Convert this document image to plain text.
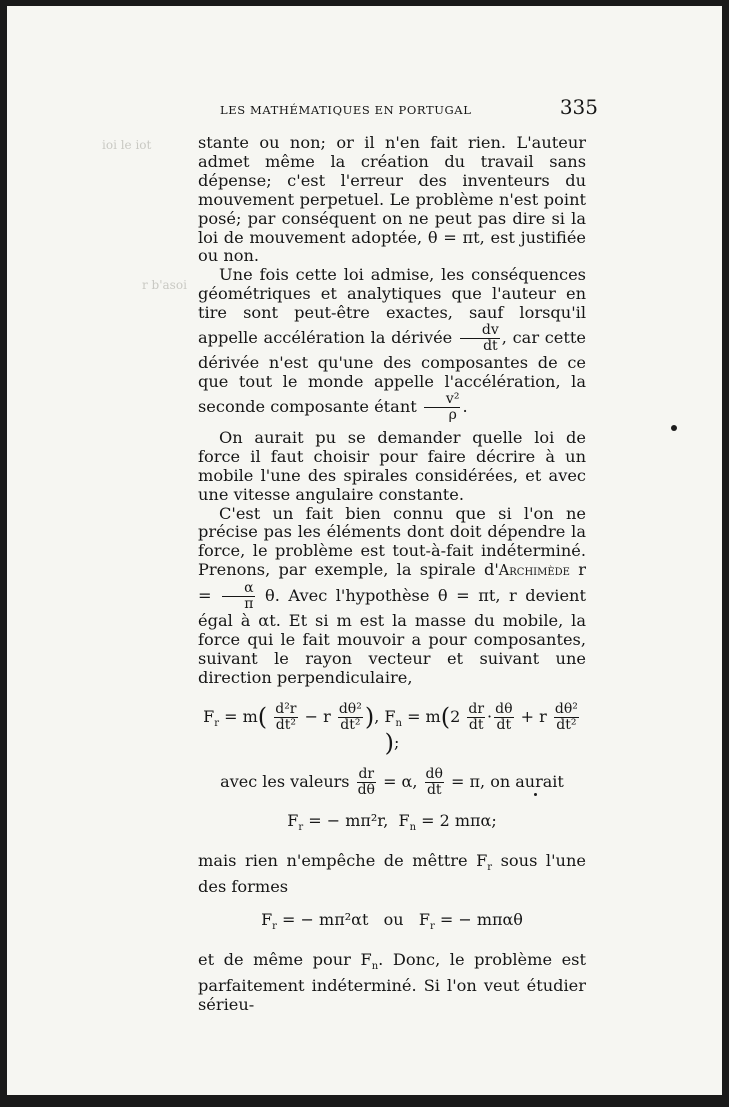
ioi le iot
r b'asoi
LES MATHÉMATIQUES EN PORTUGAL	335

stante ou non; or il n'en fait rien. L'auteur admet même la création du travail sans dépense; c'est l'erreur des inventeurs du mouvement perpetuel. Le problème n'est point posé; par conséquent on ne peut pas dire si la loi de mouvement adoptée, θ = πt, est justifiée ou non.

Une fois cette loi admise, les conséquences géométriques et analytiques que l'auteur en tire sont peut-être exactes, sauf lorsqu'il appelle accélération la dérivée $\frac{dv}{dt}$ , car cette dérivée n'est qu'une des composantes de ce que tout le monde appelle l'accélération, la seconde composante étant $\frac{\text{v²}}{\rho}$ .

On aurait pu se demander quelle loi de force il faut choisir pour faire décrire à un mobile l'une des spirales considérées, et avec une vitesse angulaire constante.

C'est un fait bien connu que si l'on ne précise pas les éléments dont doit dépendre la force, le problème est tout-à-fait indéterminé. Prenons, par exemple, la spirale d'Archimède $r = \frac{\alpha}{\pi} \theta$. Avec l'hypothèse θ = πt, r devient égal à αt. Et si m est la masse du mobile, la force qui le fait mouvoir a pour composantes, suivant le rayon vecteur et suivant une direction perpendiculaire,

$F_r = m( \frac{\text{d²r}}{\text{dt²}} - r \frac{\text{dθ²}}{\text{dt²}}$ ), $F_n = m(2 \frac{dr}{dt} \cdot \frac{d\theta}{dt} + r \frac{\text{dθ²}}{\text{dt²}}$
);
avec les valeurs $\frac{dr}{d\theta} = \alpha$, $\frac{d\theta}{dt} = \pi$, on aurait
$F_r$ = − mπ²r, $F_n = 2$ mπα;

mais rien n'empêche de mêttre $F_r$ sous l'une des formes

$F_r$ = − mπ²αt ou $F_r$ = − mπαθ

et de même pour $F_n$. Donc, le problème est parfaitement indéterminé. Si l'on veut étudier sérieu-
